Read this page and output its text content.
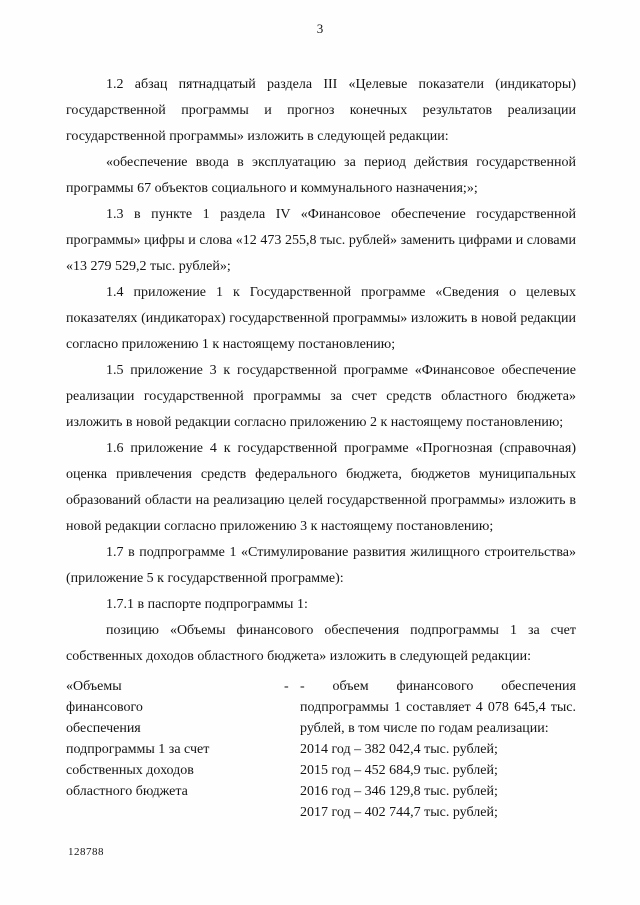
3

1.2 абзац пятнадцатый раздела III «Целевые показатели (индикаторы) государственной программы и прогноз конечных результатов реализации государственной программы» изложить в следующей редакции:

«обеспечение ввода в эксплуатацию за период действия государственной программы 67 объектов социального и коммунального назначения;»;

1.3 в пункте 1 раздела IV «Финансовое обеспечение государственной программы» цифры и слова «12 473 255,8 тыс. рублей» заменить цифрами и словами «13 279 529,2 тыс. рублей»;

1.4 приложение 1 к Государственной программе «Сведения о целевых показателях (индикаторах) государственной программы» изложить в новой редакции согласно приложению 1 к настоящему постановлению;

1.5 приложение 3 к государственной программе «Финансовое обеспечение реализации государственной программы за счет средств областного бюджета» изложить в новой редакции согласно приложению 2 к настоящему постановлению;

1.6 приложение 4 к государственной программе «Прогнозная (справочная) оценка привлечения средств федерального бюджета, бюджетов муниципальных образований области на реализацию целей государственной программы» изложить в новой редакции согласно приложению 3 к настоящему постановлению;

1.7 в подпрограмме 1 «Стимулирование развития жилищного строительства» (приложение 5 к государственной программе):

1.7.1 в паспорте подпрограммы 1:

позицию «Объемы финансового обеспечения подпрограммы 1 за счет собственных доходов областного бюджета» изложить в следующей редакции:

«Объемы
финансового
обеспечения
подпрограммы 1 за счет
собственных доходов
областного бюджета
- - объем финансового обеспечения подпрограммы 1 составляет 4 078 645,4 тыс. рублей, в том числе по годам реализации:
2014 год – 382 042,4 тыс. рублей;
2015 год – 452 684,9 тыс. рублей;
2016 год – 346 129,8 тыс. рублей;
2017 год – 402 744,7 тыс. рублей;
128788
